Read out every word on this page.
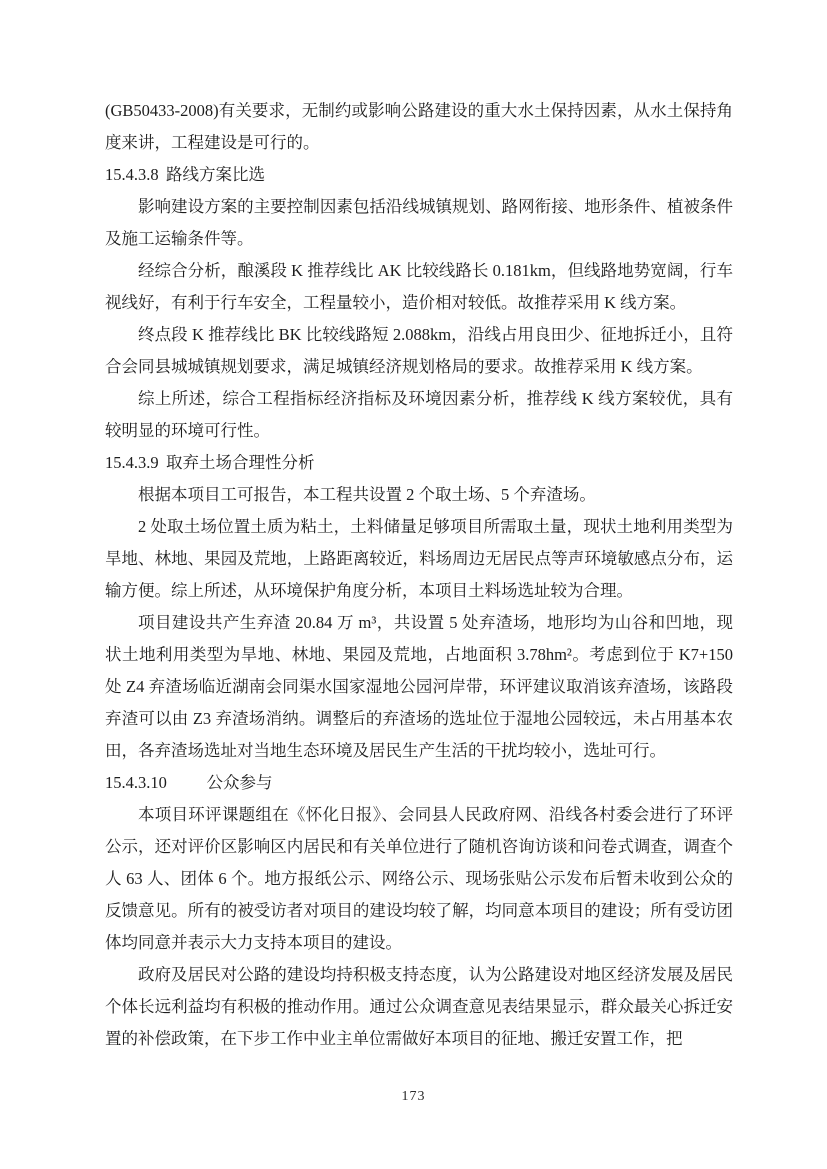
(GB50433-2008)有关要求，无制约或影响公路建设的重大水土保持因素，从水土保持角度来讲，工程建设是可行的。

15.4.3.8 路线方案比选

影响建设方案的主要控制因素包括沿线城镇规划、路网衔接、地形条件、植被条件及施工运输条件等。

经综合分析，酿溪段 K 推荐线比 AK 比较线路长 0.181km，但线路地势宽阔，行车视线好，有利于行车安全，工程量较小，造价相对较低。故推荐采用 K 线方案。

终点段 K 推荐线比 BK 比较线路短 2.088km，沿线占用良田少、征地拆迁小，且符合会同县城城镇规划要求，满足城镇经济规划格局的要求。故推荐采用 K 线方案。

综上所述，综合工程指标经济指标及环境因素分析，推荐线 K 线方案较优，具有较明显的环境可行性。

15.4.3.9 取弃土场合理性分析

根据本项目工可报告，本工程共设置 2 个取土场、5 个弃渣场。

2 处取土场位置土质为粘土，土料储量足够项目所需取土量，现状土地利用类型为旱地、林地、果园及荒地，上路距离较近，料场周边无居民点等声环境敏感点分布，运输方便。综上所述，从环境保护角度分析，本项目土料场选址较为合理。

项目建设共产生弃渣 20.84 万 m³，共设置 5 处弃渣场，地形均为山谷和凹地，现状土地利用类型为旱地、林地、果园及荒地，占地面积 3.78hm²。考虑到位于 K7+150 处 Z4 弃渣场临近湖南会同渠水国家湿地公园河岸带，环评建议取消该弃渣场，该路段弃渣可以由 Z3 弃渣场消纳。调整后的弃渣场的选址位于湿地公园较远，未占用基本农田，各弃渣场选址对当地生态环境及居民生产生活的干扰均较小，选址可行。

15.4.3.10 公众参与

本项目环评课题组在《怀化日报》、会同县人民政府网、沿线各村委会进行了环评公示，还对评价区影响区内居民和有关单位进行了随机咨询访谈和问卷式调查，调查个人 63 人、团体 6 个。地方报纸公示、网络公示、现场张贴公示发布后暂未收到公众的反馈意见。所有的被受访者对项目的建设均较了解，均同意本项目的建设；所有受访团体均同意并表示大力支持本项目的建设。

政府及居民对公路的建设均持积极支持态度，认为公路建设对地区经济发展及居民个体长远利益均有积极的推动作用。通过公众调查意见表结果显示，群众最关心拆迁安置的补偿政策，在下步工作中业主单位需做好本项目的征地、搬迁安置工作，把

173
